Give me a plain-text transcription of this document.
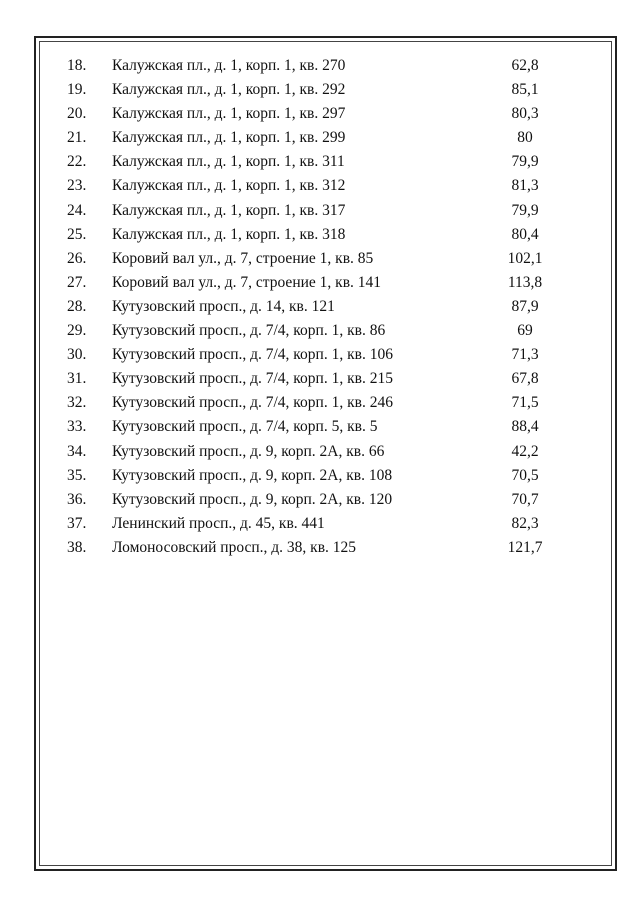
18.	Калужская пл., д. 1, корп. 1, кв. 270	62,8
19.	Калужская пл., д. 1, корп. 1, кв. 292	85,1
20.	Калужская пл., д. 1, корп. 1, кв. 297	80,3
21.	Калужская пл., д. 1, корп. 1, кв. 299	80
22.	Калужская пл., д. 1, корп. 1, кв. 311	79,9
23.	Калужская пл., д. 1, корп. 1, кв. 312	81,3
24.	Калужская пл., д. 1, корп. 1, кв. 317	79,9
25.	Калужская пл., д. 1, корп. 1, кв. 318	80,4
26.	Коровий вал ул., д. 7, строение 1, кв. 85	102,1
27.	Коровий вал ул., д. 7, строение 1, кв. 141	113,8
28.	Кутузовский просп., д. 14, кв. 121	87,9
29.	Кутузовский просп., д. 7/4, корп. 1, кв. 86	69
30.	Кутузовский просп., д. 7/4, корп. 1, кв. 106	71,3
31.	Кутузовский просп., д. 7/4, корп. 1, кв. 215	67,8
32.	Кутузовский просп., д. 7/4, корп. 1, кв. 246	71,5
33.	Кутузовский просп., д. 7/4, корп. 5, кв. 5	88,4
34.	Кутузовский просп., д. 9, корп. 2А, кв. 66	42,2
35.	Кутузовский просп., д. 9, корп. 2А, кв. 108	70,5
36.	Кутузовский просп., д. 9, корп. 2А, кв. 120	70,7
37.	Ленинский просп., д. 45, кв. 441	82,3
38.	Ломоносовский просп., д. 38, кв. 125	121,7
